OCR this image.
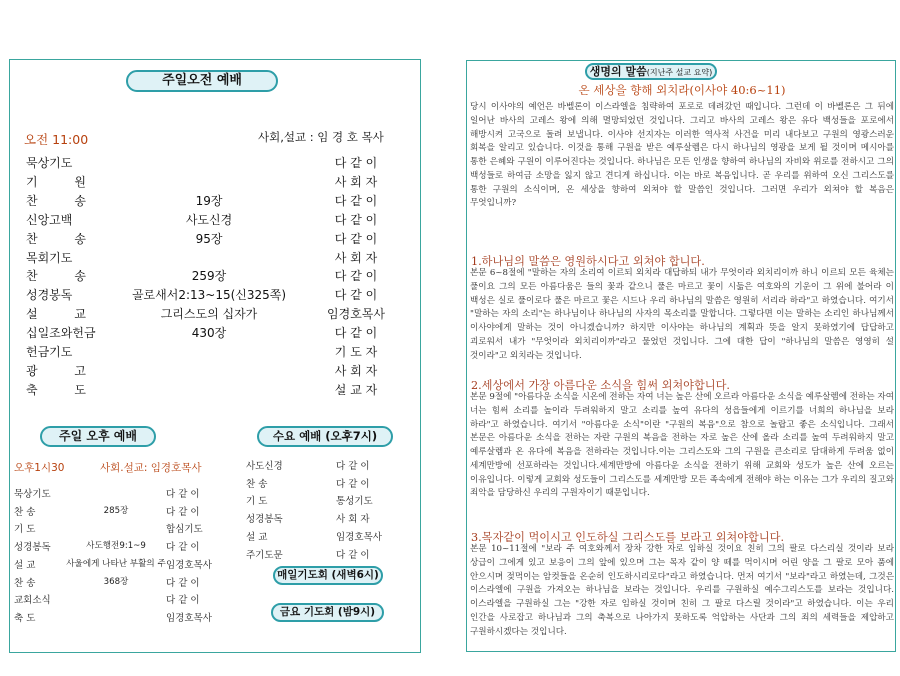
주일오전 예배
오전 11:00	사회,설교 : 임 경 호 목사
묵상기도	다 같 이
기	원	사 회 자
찬	송	19장	다 같 이
신앙고백	사도신경	다 같 이
찬	송	95장	다 같 이
목회기도	사 회 자
찬	송	259장	다 같 이
성경봉독	골로새서2:13~15(신325쪽)	다 같 이
설	교	그리스도의 십자가	임경호목사
십일조와헌금	430장	다 같 이
헌금기도	기 도 자
광	고	사 회 자
축	도	설 교 자
주일 오후 예배
오후1시30	사회.설교: 임경호목사
묵상기도	다 같 이
찬 송	285장	다 같 이
기 도	합심기도
성경봉독	사도행전9:1~9	다 같 이
설 교	사울에게 나타난 부활의 주 임경호목사
찬 송	368장	다 같 이
교회소식	다 같 이
축 도	임경호목사
수요 예배 (오후7시)
사도신경	다 같 이
찬 송	다 같 이
기 도	통성기도
성경봉독	사 회 자
설 교	임경호목사
주기도문	다 같 이
매일기도회 (새벽6시)
금요 기도회 (밤9시)
생명의 말씀(지난주 설교 요약)
온 세상을 향해 외치라(이사야 40:6~11)
당시 이사야의 예언은 바벨론이 이스라엘을 침략하여 포로로 데려갔던 때입니다. 그런데 이 바벨론은 그 뒤에 일어난 바사의 고레스 왕에 의해 멸망되었던 것입니다. 그리고 바사의 고레스 왕은 유다 백성들을 포로에서 해방시켜 고국으로 돌려 보냅니다. 이사야 선지자는 이러한 역사적 사건을 미리 내다보고 구원의 영광스러운 회복을 알리고 있습니다. 이것을 통해 구원을 받은 예루살렘은 다시 하나님의 영광을 보게 될 것이며 메시아를 통한 은혜와 구원이 이루어진다는 것입니다. 하나님은 모든 인생을 향하여 하나님의 자비와 위로를 전하시고 그의 백성들로 하여금 소망을 잃지 않고 견디게 하십니다. 이는 바로 복음입니다. 곧 우리를 위하여 오신 그리스도를 통한 구원의 소식이며, 온 세상을 향하여 외쳐야 할 말씀인 것입니다. 그러면 우리가 외쳐야 할 복음은 무엇입니까?
1.하나님의 말씀은 영원하시다고 외쳐야 합니다.
본문 6~8절에 "말하는 자의 소리여 이르되 외치라 대답하되 내가 무엇이라 외치리이까 하니 이르되 모든 육체는 풀이요 그의 모든 아름다움은 들의 꽃과 같으니 풀은 마르고 꽃이 시듦은 여호와의 기운이 그 위에 불어라 이 백성은 실로 풀이로다 풀은 마르고 꽃은 시드나 우리 하나님의 말씀은 영원히 서리라 하라"고 하였습니다. 여기서 "말하는 자의 소리"는 하나님이나 하나님의 사자의 목소리를 말합니다. 그렇다면 이는 말하는 소리인 하나님께서 이사야에게 말하는 것이 아니겠습니까? 하지만 이사야는 하나님의 계획과 뜻을 알지 못하였기에 답답하고 괴로워서 내가 "무엇이라 외치리이까"라고 물었던 것입니다. 그에 대한 답이 "하나님의 말씀은 영영히 설 것이라"고 외치라는 것입니다.
2.세상에서 가장 아름다운 소식을 힘써 외쳐야합니다.
본문 9절에 "아름다운 소식을 시온에 전하는 자여 너는 높은 산에 오르라 아름다운 소식을 예루살렘에 전하는 자여 너는 힘써 소리를 높이라 두려워하지 말고 소리를 높여 유다의 성읍들에게 이르기를 너희의 하나님을 보라 하라"고 하였습니다. 여기서 "아름다운 소식"이란 "구원의 복음"으로 참으로 놀랍고 좋은 소식입니다. 그래서 본문은 아름다운 소식을 전하는 자란 구원의 복음을 전하는 자로 높은 산에 올라 소리를 높여 두려워하지 말고 예루살렘과 온 유다에 복음을 전하라는 것입니다.이는 그리스도와 그의 구원을 큰소리로 담대하게 두려움 없이 세계만방에 선포하라는 것입니다.세계만방에 아름다운 소식을 전하기 위해 교회와 성도가 높은 산에 오르는 이유입니다. 이렇게 교회와 성도들이 그리스도를 세계만방 모든 족속에게 전해야 하는 이유는 그가 우리의 질고와 죄악을 담당하신 우리의 구원자이기 때문입니다.
3.목자같이 먹이시고 인도하실 그리스도를 보라고 외쳐야합니다.
본문 10~11절에 "보라 주 여호와께서 장차 강한 자로 임하실 것이요 친히 그의 팔로 다스리실 것이라 보라 상급이 그에게 있고 보응이 그의 앞에 있으며 그는 목자 같이 양 떼를 먹이시며 어린 양을 그 팔로 모아 품에 안으시며 젖먹이는 암컷들을 온순히 인도하시리로다"라고 하였습니다. 먼저 여기서 "보라"라고 하였는데, 그것은 이스라엘에 구원을 가져오는 하나님을 보라는 것입니다. 우리를 구원하실 예수그리스도를 보라는 것입니다. 이스라엘을 구원하실 그는 "강한 자로 임하실 것이며 친히 그 팔로 다스릴 것이라"고 하였습니다. 이는 우리 인간을 사로잡고 하나님과 그의 축복으로 나아가지 못하도록 억압하는 사단과 그의 죄의 세력들을 제압하고 구원하시겠다는 것입니다.
